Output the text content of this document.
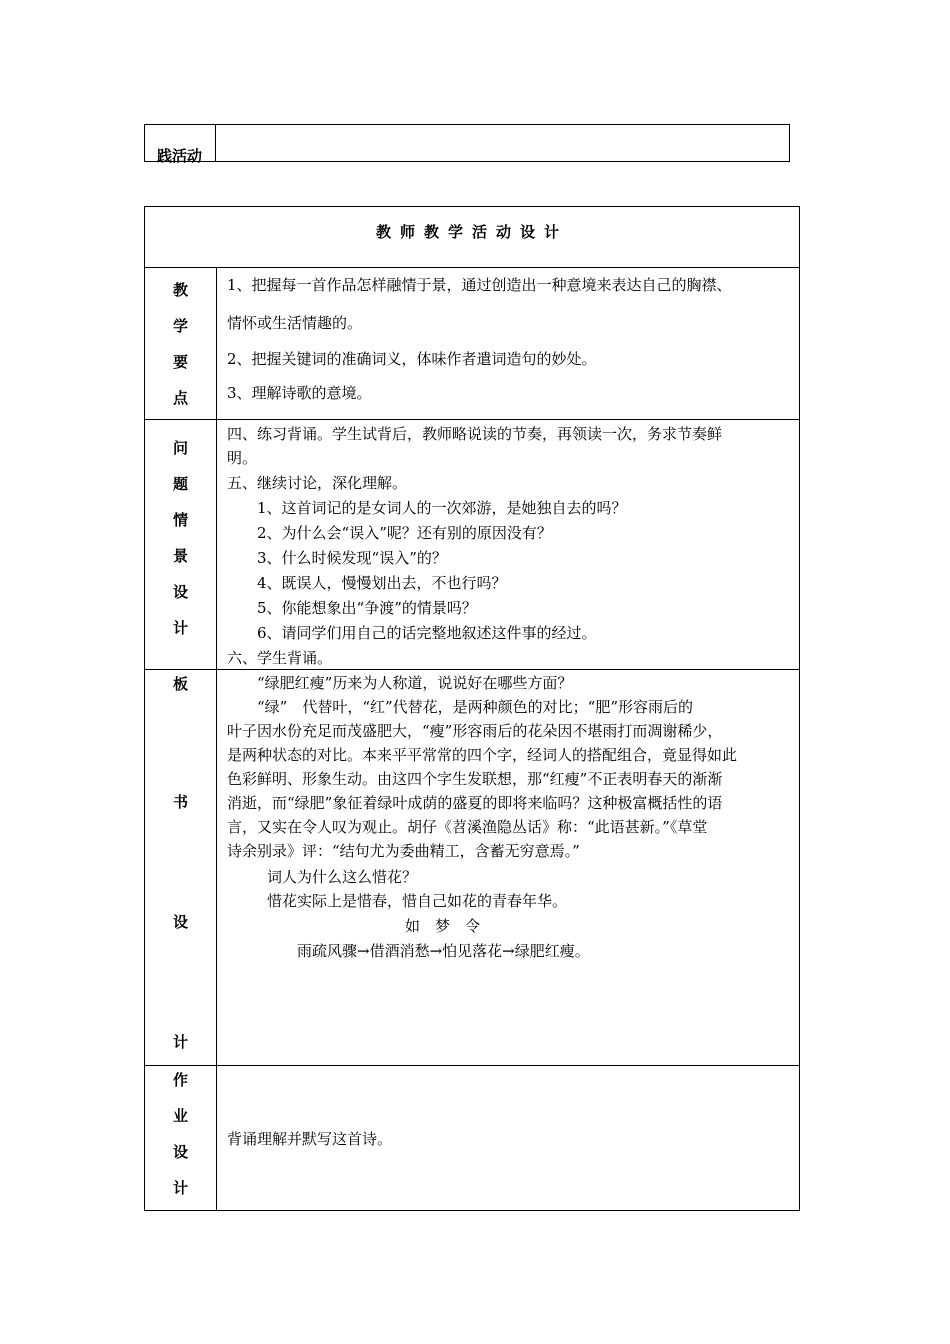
践活动
教师教学活动设计
教
学
要
点
1、把握每一首作品怎样融情于景，通过创造出一种意境来表达自己的胸襟、
情怀或生活情趣的。
2、把握关键词的准确词义，体味作者遣词造句的妙处。
3、理解诗歌的意境。
问
题
情
景
设
计
四、练习背诵。学生试背后，教师略说读的节奏，再领读一次，务求节奏鲜
明。
五、继续讨论，深化理解。
1、这首词记的是女词人的一次郊游，是她独自去的吗？
2、为什么会“误入”呢？还有别的原因没有？
3、什么时候发现“误入”的？
4、既误人，慢慢划出去，不也行吗？
5、你能想象出“争渡”的情景吗？
6、请同学们用自己的话完整地叙述这件事的经过。
六、学生背诵。
板
书
设
计
“绿肥红瘦”历来为人称道，说说好在哪些方面？
“绿”　代替叶，“红”代替花，是两种颜色的对比；“肥”形容雨后的
叶子因水份充足而茂盛肥大，“瘦”形容雨后的花朵因不堪雨打而凋谢稀少，
是两种状态的对比。本来平平常常的四个字，经词人的搭配组合，竟显得如此
色彩鲜明、形象生动。由这四个字生发联想，那“红瘦”不正表明春天的渐渐
消逝，而“绿肥”象征着绿叶成荫的盛夏的即将来临吗？这种极富概括性的语
言，又实在令人叹为观止。胡仔《苕溪渔隐丛话》称：“此语甚新。”《草堂
诗余别录》评：“结句尤为委曲精工，含蓄无穷意焉。”
词人为什么这么惜花？
惜花实际上是惜春，惜自己如花的青春年华。
如　梦　令
雨疏风骤→借酒消愁→怕见落花→绿肥红瘦。
作
业
设
计
背诵理解并默写这首诗。
